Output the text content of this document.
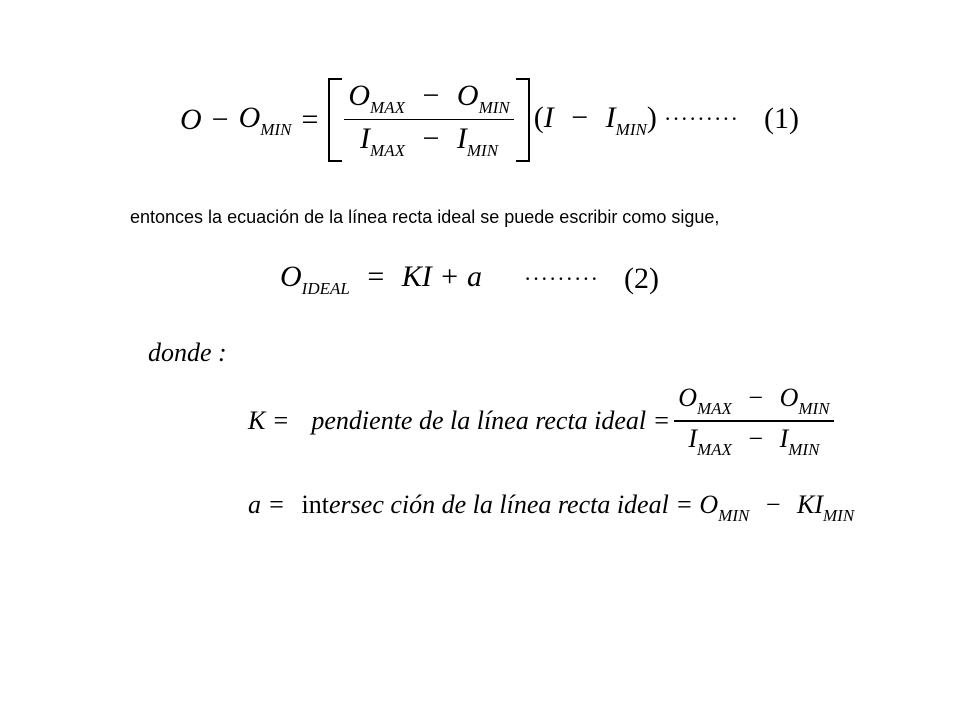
$O - O_{MIN} = \frac{O_{MAX} - O_{MIN}}{I_{MAX} - I_{MIN}} (I - I_{MIN})$ ········· (1)
entonces la ecuación de la línea recta ideal se puede escribir como sigue,
$O_{IDEAL}$ = KI + a ········· (2)
donde :
K = pendiente de la línea recta ideal = $\frac{O_{MAX} - O_{MIN}}{I_{MAX} - I_{MIN}}$
a = intersec ción de la línea recta ideal = $O_{MIN} - KI_{MIN}$
